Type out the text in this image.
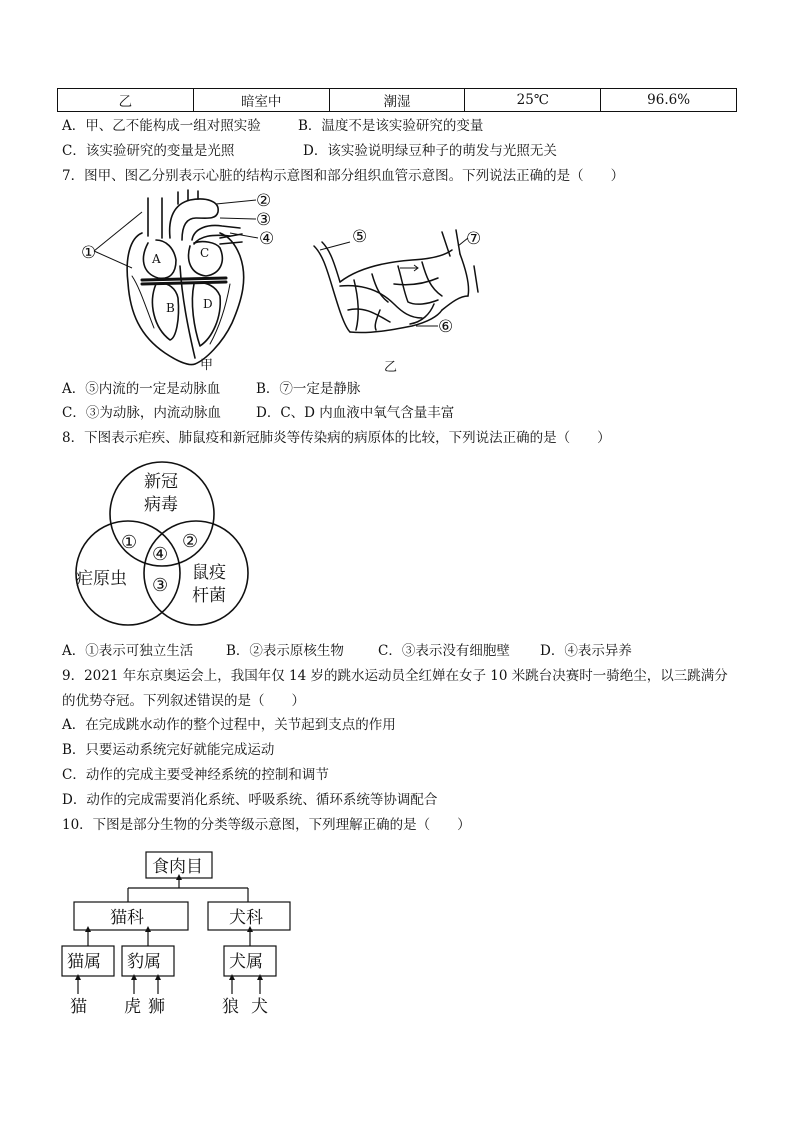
乙	暗室中	潮湿	25℃	96.6%
A．甲、乙不能构成一组对照实验	B．温度不是该实验研究的变量
C．该实验研究的变量是光照	D．该实验说明绿豆种子的萌发与光照无关
7．图甲、图乙分别表示心脏的结构示意图和部分组织血管示意图。下列说法正确的是（　　）
①
②
③
④
A	C
B D
甲
⑤	⑦
⑥
乙
A．⑤内流的一定是动脉血	B．⑦一定是静脉
C．③为动脉，内流动脉血	D．C、D 内血液中氧气含量丰富
8．下图表示疟疾、肺鼠疫和新冠肺炎等传染病的病原体的比较，下列说法正确的是（　　）
新冠
病毒
疟原虫	鼠疫
杆菌
① ②
④
③
A．①表示可独立生活 B．②表示原核生物	C．③表示没有细胞壁 D．④表示异养
9．2021 年东京奥运会上，我国年仅 14 岁的跳水运动员全红婵在女子 10 米跳台决赛时一骑绝尘，以三跳满分
的优势夺冠。下列叙述错误的是（　　）
A．在完成跳水动作的整个过程中，关节起到支点的作用
B．只要运动系统完好就能完成运动
C．动作的完成主要受神经系统的控制和调节
D．动作的完成需要消化系统、呼吸系统、循环系统等协调配合
10．下图是部分生物的分类等级示意图，下列理解正确的是（　　）
食肉目
猫科	犬科
猫属 豹属	犬属
猫 虎 狮	狼 犬
